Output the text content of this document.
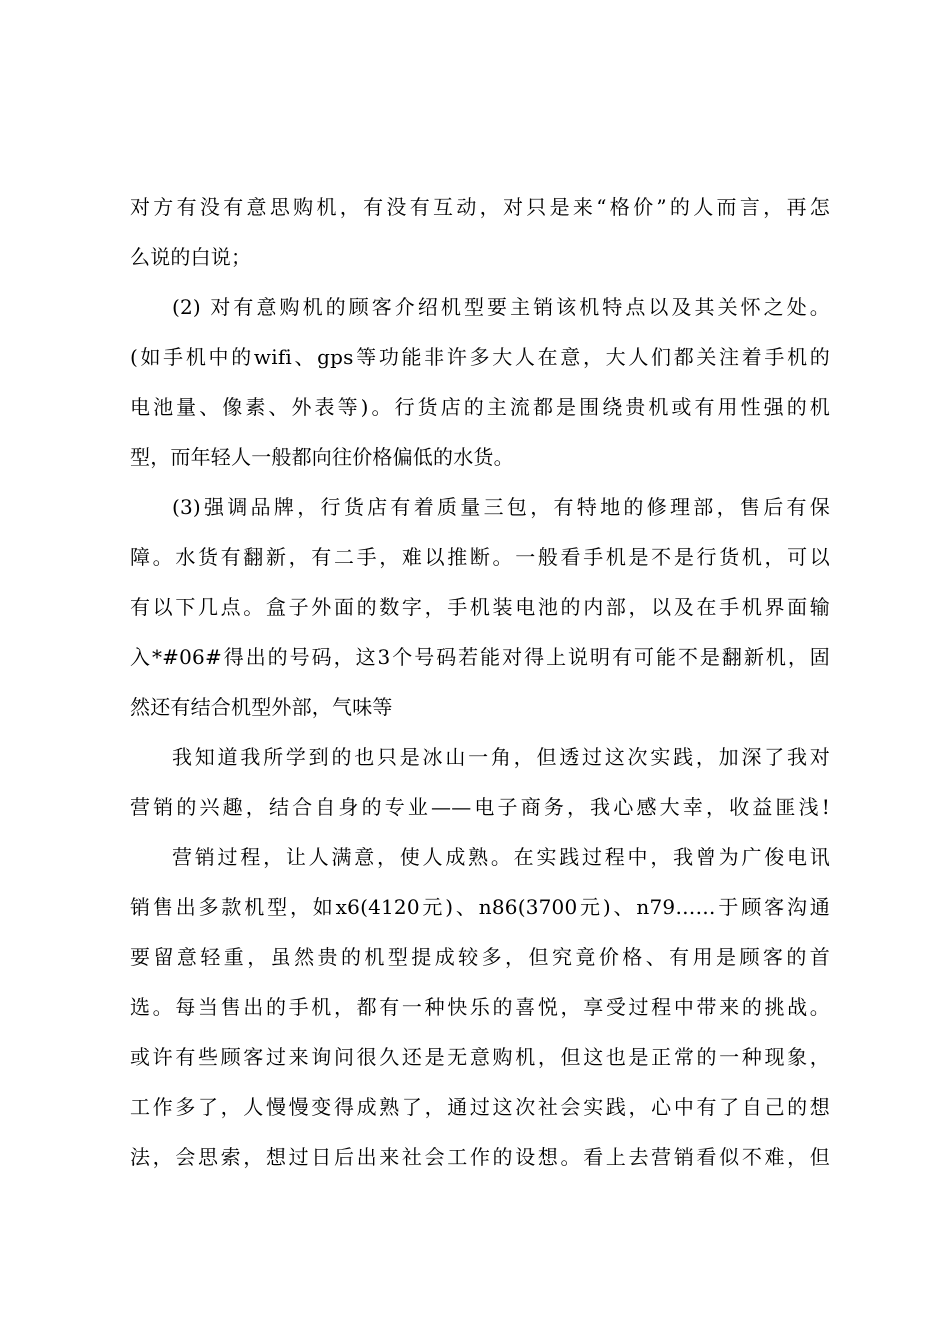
对方有没有意思购机，有没有互动，对只是来“格价”的人而言，再怎
么说的白说；
(2) 对有意购机的顾客介绍机型要主销该机特点以及其关怀之处。
(如手机中的wifi、gps等功能非许多大人在意，大人们都关注着手机的
电池量、像素、外表等)。行货店的主流都是围绕贵机或有用性强的机
型，而年轻人一般都向往价格偏低的水货。
(3)强调品牌，行货店有着质量三包，有特地的修理部，售后有保
障。水货有翻新，有二手，难以推断。一般看手机是不是行货机，可以
有以下几点。盒子外面的数字，手机装电池的内部，以及在手机界面输
入*#06#得出的号码，这3个号码若能对得上说明有可能不是翻新机，固
然还有结合机型外部，气味等
我知道我所学到的也只是冰山一角，但透过这次实践，加深了我对
营销的兴趣，结合自身的专业——电子商务，我心感大幸，收益匪浅!
营销过程，让人满意，使人成熟。在实践过程中，我曾为广俊电讯
销售出多款机型，如x6(4120元)、n86(3700元)、n79……于顾客沟通
要留意轻重，虽然贵的机型提成较多，但究竟价格、有用是顾客的首
选。每当售出的手机，都有一种快乐的喜悦，享受过程中带来的挑战。
或许有些顾客过来询问很久还是无意购机，但这也是正常的一种现象，
工作多了，人慢慢变得成熟了，通过这次社会实践，心中有了自己的想
法，会思索，想过日后出来社会工作的设想。看上去营销看似不难，但
